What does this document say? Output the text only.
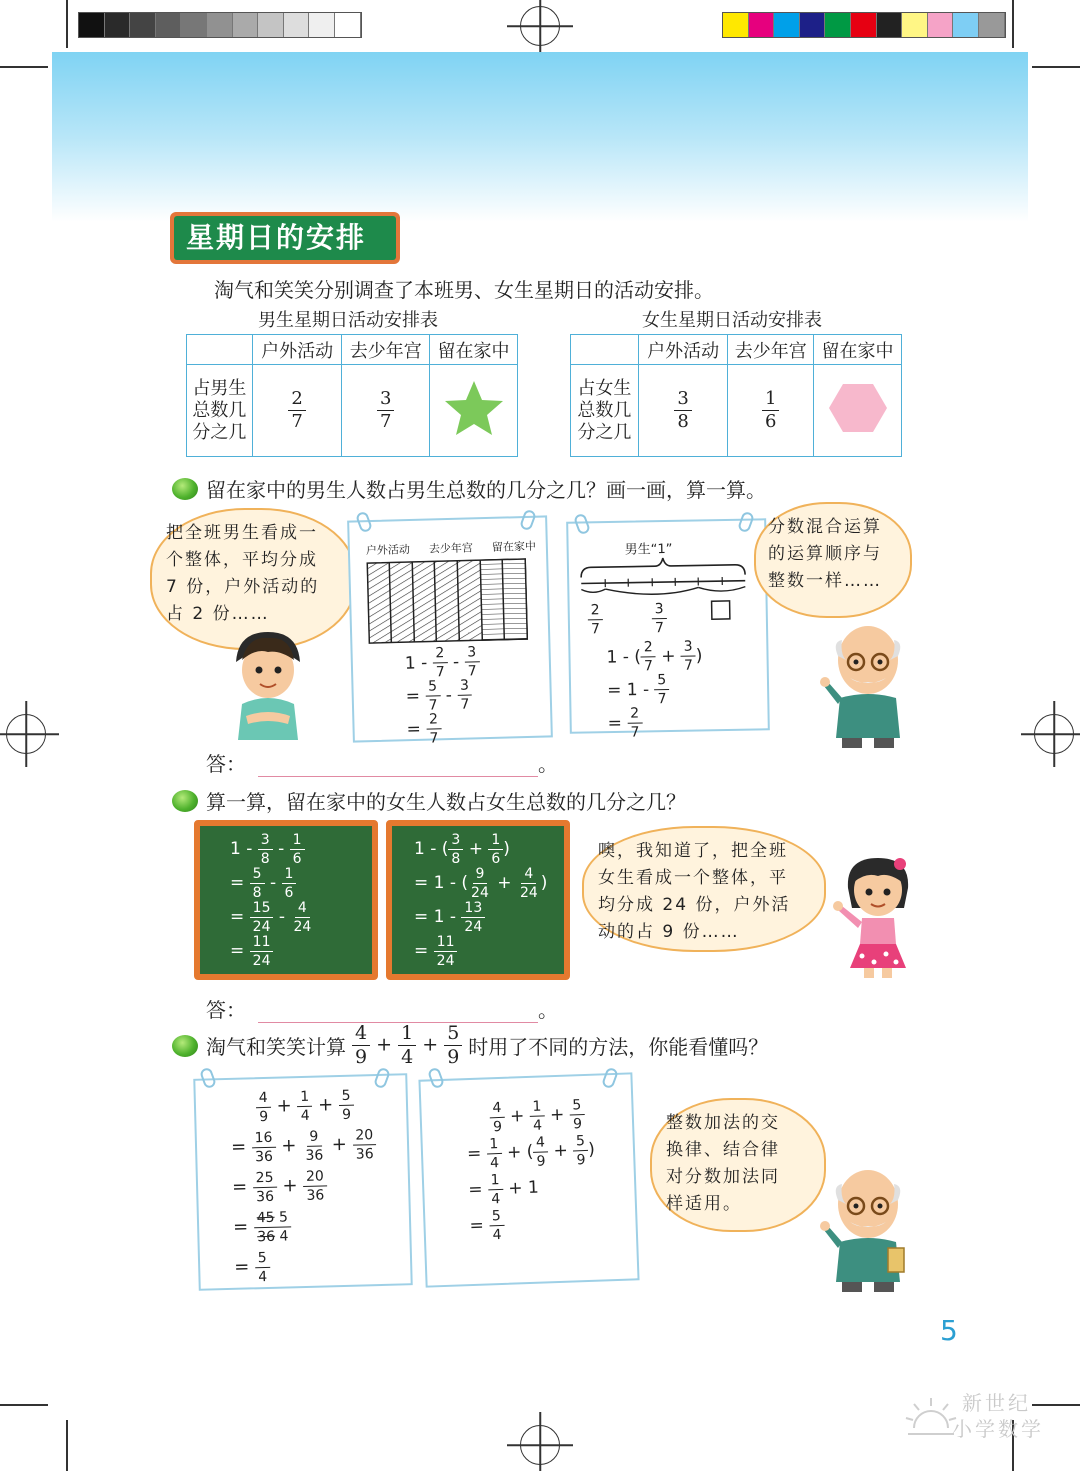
星期日的安排
淘气和笑笑分别调查了本班男、女生星期日的活动安排。
男生星期日活动安排表
	户外活动	去少年宫	留在家中
占男生
总数几
分之几	$\frac{2}{7}$	$\frac{3}{7}$

女生星期日活动安排表
	户外活动	去少年宫	留在家中
占女生
总数几
分之几	$\frac{3}{8}$	$\frac{1}{6}$

留在家中的男生人数占男生总数的几分之几？画一画，算一算。
把全班男生看成一
个整体，平均分成
7 份，户外活动的
占 2 份……
户外活动 去少年宫 留在家中
$1 - \frac{2}{7} - \frac{3}{7}$
= $\frac{5}{7} - \frac{3}{7}$
= $\frac{2}{7}$
男生“1”
$\frac{2}{7}$	$\frac{3}{7}$
1 - ( $\frac{2}{7} + \frac{3}{7}$ )
= $1 - \frac{5}{7}$
= $\frac{2}{7}$
分数混合运算
的运算顺序与
整数一样……
答：	。
算一算，留在家中的女生人数占女生总数的几分之几？
$1 - \frac{3}{8} - \frac{1}{6}$
= $\frac{5}{8} - \frac{1}{6}$
= $\frac{15}{24} - \frac{4}{24}$
= $\frac{11}{24}$
1 - ( $\frac{3}{8} + \frac{1}{6}$ )
= 1 - ( $\frac{9}{24} + \frac{4}{24}$ )
= $1 - \frac{13}{24}$
= $\frac{11}{24}$
噢，我知道了，把全班
女生看成一个整体，平
均分成 24 份，户外活
动的占 9 份……
答：	。
淘气和笑笑计算 $\frac{4}{9} + \frac{1}{4} + \frac{5}{9}$ 时用了不同的方法，你能看懂吗？
$\frac{4}{9} + \frac{1}{4} + \frac{5}{9}$
= $\frac{16}{36} + \frac{9}{36} + \frac{20}{36}$
= $\frac{25}{36} + \frac{20}{36}$
= $\frac{45 5}{36 4}$
= $\frac{5}{4}$
$\frac{4}{9} + \frac{1}{4} + \frac{5}{9}$
= $\frac{1}{4}$ + ( $\frac{4}{9} + \frac{5}{9}$ )
= $\frac{1}{4} + 1$
= $\frac{5}{4}$
整数加法的交
换律、结合律
对分数加法同
样适用。
5
新世纪
小学数学
